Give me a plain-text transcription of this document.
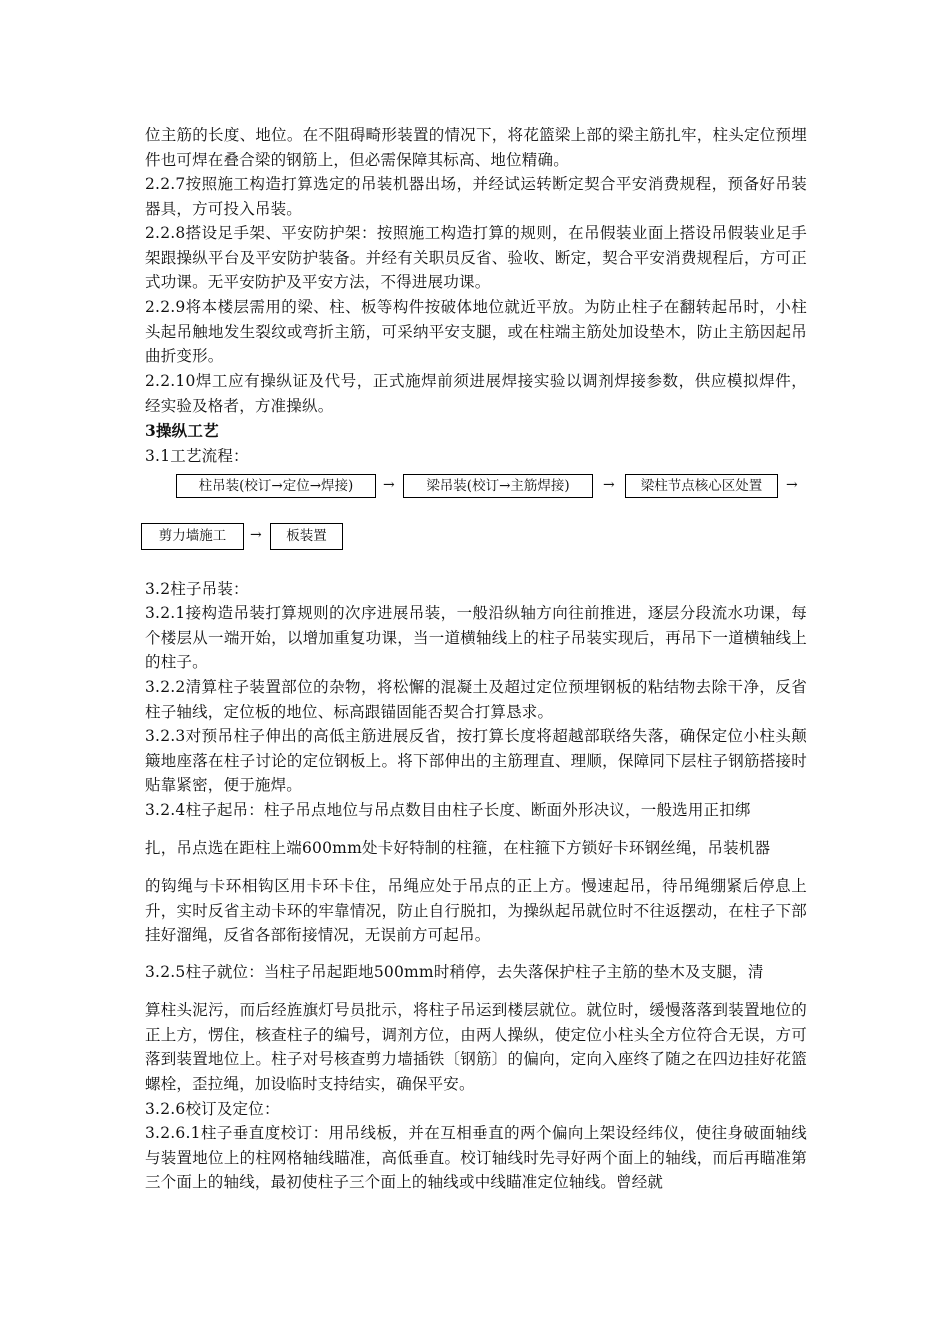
位主筋的长度、地位。在不阻碍畸形装置的情况下，将花篮梁上部的梁主筋扎牢，柱头定位预埋件也可焊在叠合梁的钢筋上，但必需保障其标高、地位精确。
2.2.7按照施工构造打算选定的吊装机器出场，并经试运转断定契合平安消费规程，预备好吊装器具，方可投入吊装。
2.2.8搭设足手架、平安防护架：按照施工构造打算的规则，在吊假装业面上搭设吊假装业足手架跟操纵平台及平安防护装备。并经有关职员反省、验收、断定，契合平安消费规程后，方可正式功课。无平安防护及平安方法，不得进展功课。
2.2.9将本楼层需用的梁、柱、板等构件按破体地位就近平放。为防止柱子在翻转起吊时，小柱头起吊触地发生裂纹或弯折主筋，可采纳平安支腿，或在柱端主筋处加设垫木，防止主筋因起吊曲折变形。
2.2.10焊工应有操纵证及代号，正式施焊前须进展焊接实验以调剂焊接参数，供应模拟焊件，经实验及格者，方准操纵。
3操纵工艺
3.1工艺流程：
柱吊装(校订→定位→焊接)	→	梁吊装(校订→主筋焊接)	→	梁柱节点核心区处置	→
剪力墙施工	→	板装置
3.2柱子吊装：
3.2.1接构造吊装打算规则的次序进展吊装，一般沿纵轴方向往前推进，逐层分段流水功课，每个楼层从一端开始，以增加重复功课，当一道横轴线上的柱子吊装实现后，再吊下一道横轴线上的柱子。
3.2.2清算柱子装置部位的杂物，将松懈的混凝土及超过定位预埋钢板的粘结物去除干净，反省柱子轴线，定位板的地位、标高跟锚固能否契合打算恳求。
3.2.3对预吊柱子伸出的高低主筋进展反省，按打算长度将超越部联络失落，确保定位小柱头颠簸地座落在柱子讨论的定位钢板上。将下部伸出的主筋理直、理顺，保障同下层柱子钢筋搭接时贴靠紧密，便于施焊。
3.2.4柱子起吊：柱子吊点地位与吊点数目由柱子长度、断面外形决议，一般选用正扣绑
扎，吊点选在距柱上端600mm处卡好特制的柱箍，在柱箍下方锁好卡环钢丝绳，吊装机器
的钩绳与卡环相钩区用卡环卡住，吊绳应处于吊点的正上方。慢速起吊，待吊绳绷紧后停息上升，实时反省主动卡环的牢靠情况，防止自行脱扣，为操纵起吊就位时不往返摆动，在柱子下部挂好溜绳，反省各部衔接情况，无误前方可起吊。
3.2.5柱子就位：当柱子吊起距地500mm时稍停，去失落保护柱子主筋的垫木及支腿，清
算柱头泥污，而后经旌旗灯号员批示，将柱子吊运到楼层就位。就位时，缓慢落落到装置地位的正上方，愣住，核查柱子的编号，调剂方位，由两人操纵，使定位小柱头全方位符合无误，方可落到装置地位上。柱子对号核查剪力墙插铁〔钢筋〕的偏向，定向入座终了随之在四边挂好花篮螺栓，歪拉绳，加设临时支持结实，确保平安。
3.2.6校订及定位：
3.2.6.1柱子垂直度校订：用吊线板，并在互相垂直的两个偏向上架设经纬仪，使往身破面轴线与装置地位上的柱网格轴线瞄准，高低垂直。校订轴线时先寻好两个面上的轴线，而后再瞄准第三个面上的轴线，最初使柱子三个面上的轴线或中线瞄准定位轴线。曾经就
